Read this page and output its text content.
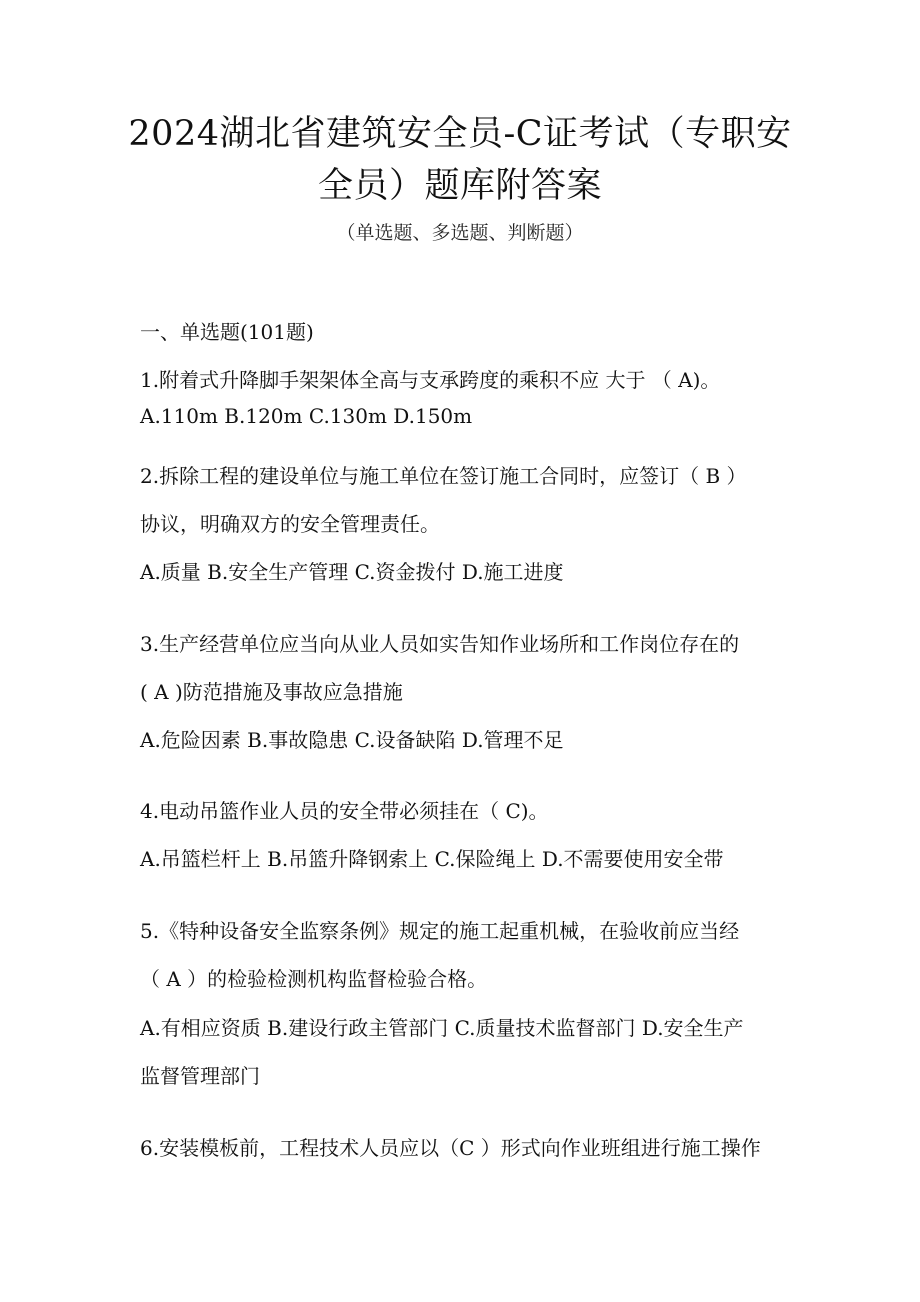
2024湖北省建筑安全员-C证考试（专职安
全员）题库附答案
（单选题、多选题、判断题）
一、单选题(101题)
1.附着式升降脚手架架体全高与支承跨度的乘积不应 大于 （ A)。
A.110m B.120m C.130m D.150m
2.拆除工程的建设单位与施工单位在签订施工合同时，应签订（ B ）
协议，明确双方的安全管理责任。
A.质量 B.安全生产管理 C.资金拨付 D.施工进度
3.生产经营单位应当向从业人员如实告知作业场所和工作岗位存在的
( A )防范措施及事故应急措施
A.危险因素 B.事故隐患 C.设备缺陷 D.管理不足
4.电动吊篮作业人员的安全带必须挂在（ C)。
A.吊篮栏杆上 B.吊篮升降钢索上 C.保险绳上 D.不需要使用安全带
5.《特种设备安全监察条例》规定的施工起重机械，在验收前应当经
（ A ）的检验检测机构监督检验合格。
A.有相应资质 B.建设行政主管部门 C.质量技术监督部门 D.安全生产
监督管理部门
6.安装模板前，工程技术人员应以（C ）形式向作业班组进行施工操作
